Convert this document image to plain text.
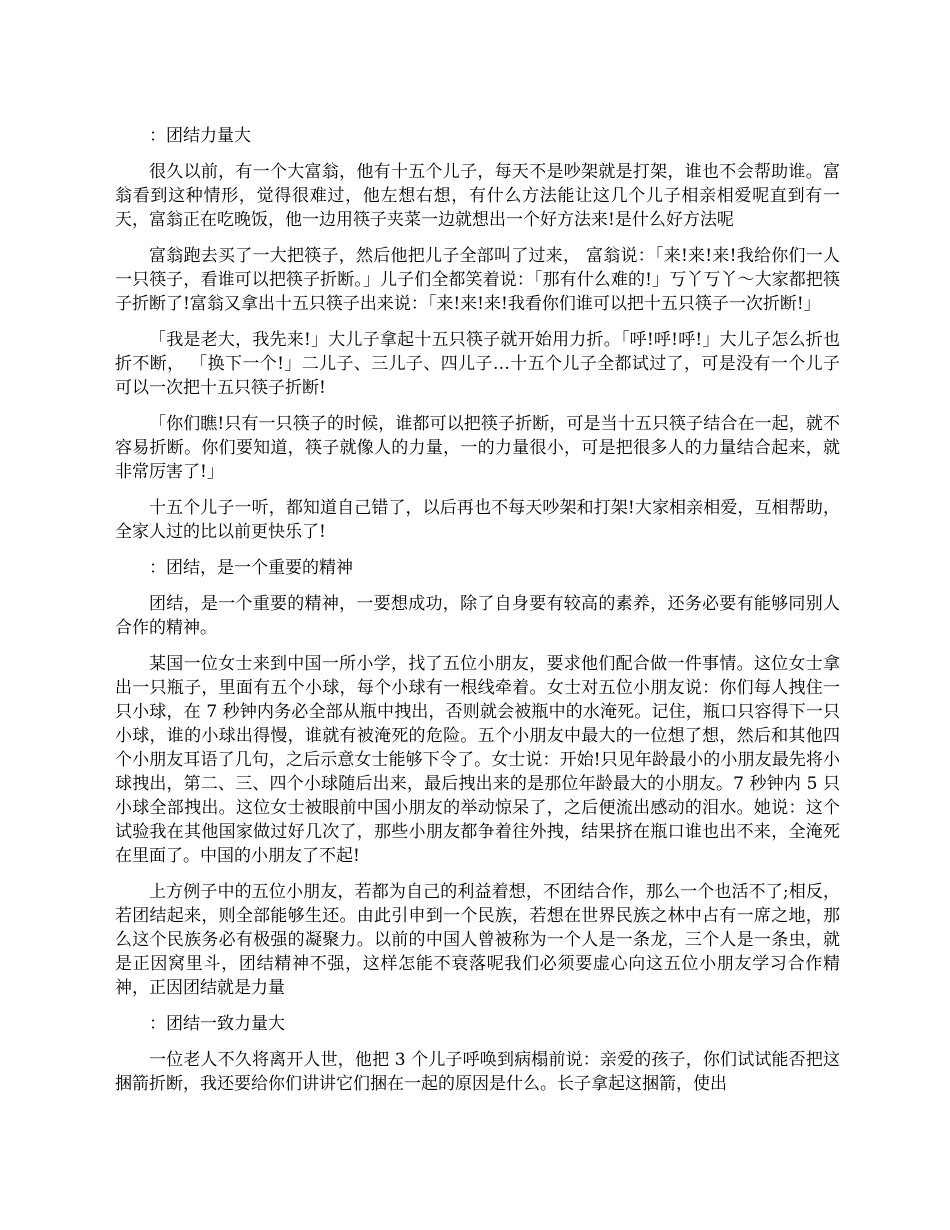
：团结力量大

很久以前，有一个大富翁，他有十五个儿子，每天不是吵架就是打架，谁也不会帮助谁。富翁看到这种情形，觉得很难过，他左想右想，有什么方法能让这几个儿子相亲相爱呢直到有一天，富翁正在吃晚饭，他一边用筷子夹菜一边就想出一个好方法来!是什么好方法呢

富翁跑去买了一大把筷子，然后他把儿子全部叫了过来， 富翁说：「来!来!来!我给你们一人一只筷子，看谁可以把筷子折断。」儿子们全都笑着说：「那有什么难的!」丂丫丂丫～大家都把筷子折断了!富翁又拿出十五只筷子出来说：「来!来!来!我看你们谁可以把十五只筷子一次折断!」

「我是老大，我先来!」大儿子拿起十五只筷子就开始用力折。「呼!呼!呼!」大儿子怎么折也折不断， 「换下一个!」二儿子、三儿子、四儿子…十五个儿子全都试过了，可是没有一个儿子可以一次把十五只筷子折断!

「你们瞧!只有一只筷子的时候，谁都可以把筷子折断，可是当十五只筷子结合在一起，就不容易折断。你们要知道，筷子就像人的力量，一的力量很小，可是把很多人的力量结合起来，就非常厉害了!」

十五个儿子一听，都知道自己错了，以后再也不每天吵架和打架!大家相亲相爱，互相帮助，全家人过的比以前更快乐了!

：团结，是一个重要的精神

团结，是一个重要的精神，一要想成功，除了自身要有较高的素养，还务必要有能够同别人合作的精神。

某国一位女士来到中国一所小学，找了五位小朋友，要求他们配合做一件事情。这位女士拿出一只瓶子，里面有五个小球，每个小球有一根线牵着。女士对五位小朋友说：你们每人拽住一只小球，在 7 秒钟内务必全部从瓶中拽出，否则就会被瓶中的水淹死。记住，瓶口只容得下一只小球，谁的小球出得慢，谁就有被淹死的危险。五个小朋友中最大的一位想了想，然后和其他四个小朋友耳语了几句，之后示意女士能够下令了。女士说：开始!只见年龄最小的小朋友最先将小球拽出，第二、三、四个小球随后出来，最后拽出来的是那位年龄最大的小朋友。7 秒钟内 5 只小球全部拽出。这位女士被眼前中国小朋友的举动惊呆了，之后便流出感动的泪水。她说：这个试验我在其他国家做过好几次了，那些小朋友都争着往外拽，结果挤在瓶口谁也出不来，全淹死在里面了。中国的小朋友了不起!

上方例子中的五位小朋友，若都为自己的利益着想，不团结合作，那么一个也活不了;相反，若团结起来，则全部能够生还。由此引申到一个民族，若想在世界民族之林中占有一席之地，那么这个民族务必有极强的凝聚力。以前的中国人曾被称为一个人是一条龙，三个人是一条虫，就是正因窝里斗，团结精神不强，这样怎能不衰落呢我们必须要虚心向这五位小朋友学习合作精神，正因团结就是力量

：团结一致力量大

一位老人不久将离开人世，他把 3 个儿子呼唤到病榻前说：亲爱的孩子，你们试试能否把这捆箭折断，我还要给你们讲讲它们捆在一起的原因是什么。长子拿起这捆箭，使出
